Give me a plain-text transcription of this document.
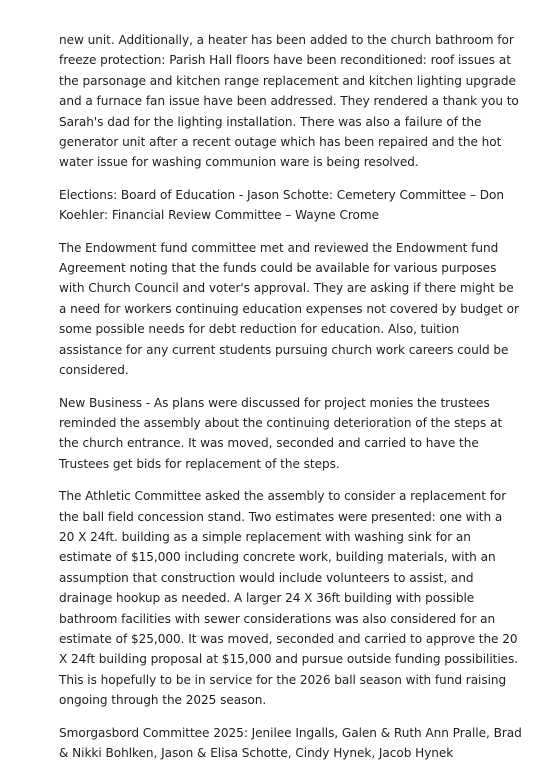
new unit. Additionally, a heater has been added to the church bathroom for
freeze protection: Parish Hall floors have been reconditioned: roof issues at
the parsonage and kitchen range replacement and kitchen lighting upgrade
and a furnace fan issue have been addressed. They rendered a thank you to
Sarah's dad for the lighting installation. There was also a failure of the
generator unit after a recent outage which has been repaired and the hot
water issue for washing communion ware is being resolved.

Elections: Board of Education - Jason Schotte: Cemetery Committee – Don
Koehler: Financial Review Committee – Wayne Crome

The Endowment fund committee met and reviewed the Endowment fund
Agreement noting that the funds could be available for various purposes
with Church Council and voter's approval. They are asking if there might be
a need for workers continuing education expenses not covered by budget or
some possible needs for debt reduction for education. Also, tuition
assistance for any current students pursuing church work careers could be
considered.

New Business - As plans were discussed for project monies the trustees
reminded the assembly about the continuing deterioration of the steps at
the church entrance. It was moved, seconded and carried to have the
Trustees get bids for replacement of the steps.

The Athletic Committee asked the assembly to consider a replacement for
the ball field concession stand. Two estimates were presented: one with a
20 X 24ft. building as a simple replacement with washing sink for an
estimate of $15,000 including concrete work, building materials, with an
assumption that construction would include volunteers to assist, and
drainage hookup as needed. A larger 24 X 36ft building with possible
bathroom facilities with sewer considerations was also considered for an
estimate of $25,000. It was moved, seconded and carried to approve the 20
X 24ft building proposal at $15,000 and pursue outside funding possibilities.
This is hopefully to be in service for the 2026 ball season with fund raising
ongoing through the 2025 season.

Smorgasbord Committee 2025: Jenilee Ingalls, Galen & Ruth Ann Pralle, Brad
& Nikki Bohlken, Jason & Elisa Schotte, Cindy Hynek, Jacob Hynek
